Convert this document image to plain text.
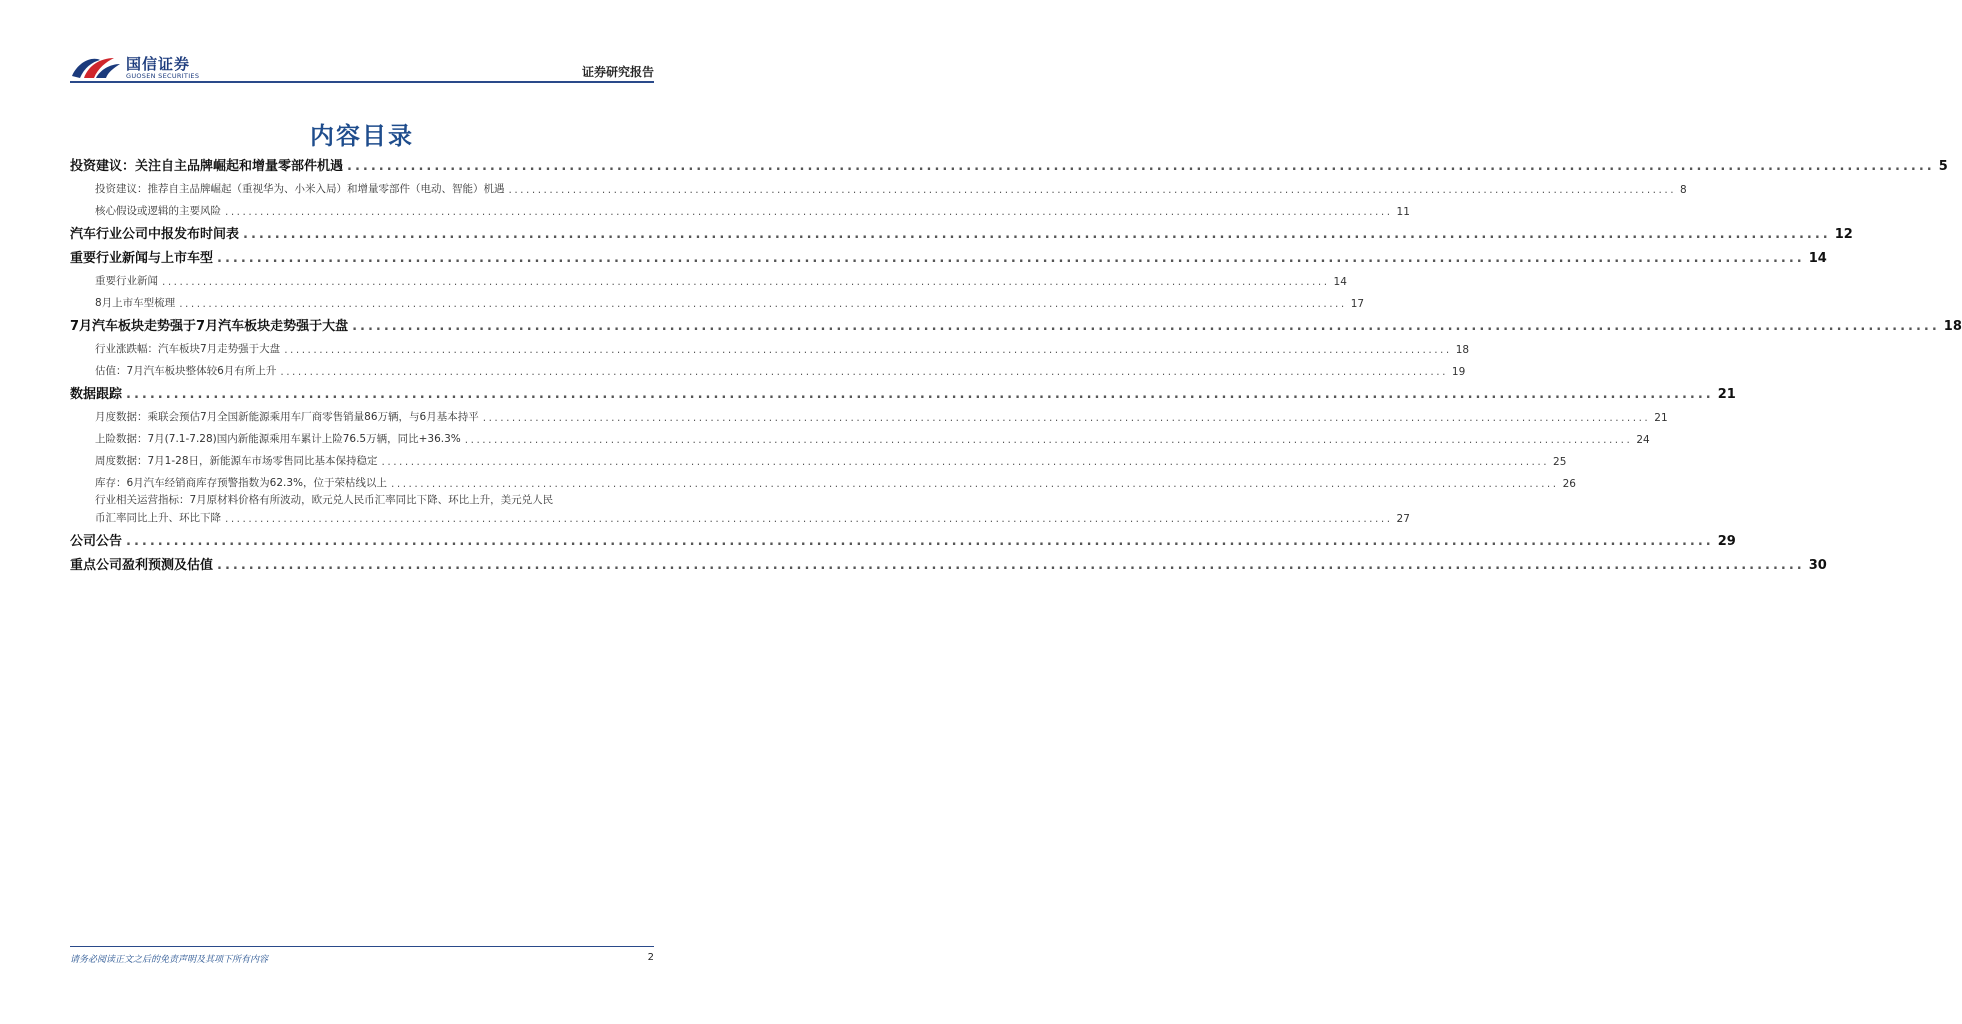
国信证券
GUOSEN SECURITIES	证券研究报告
内容目录
投资建议：关注自主品牌崛起和增量零部件机遇 ........................................................................................................................................................................................................ 5
投资建议：推荐自主品牌崛起（重视华为、小米入局）和增量零部件（电动、智能）机遇 ........................................................................................................................................................................................................ 8
核心假设或逻辑的主要风险 ........................................................................................................................................................................................................ 11
汽车行业公司中报发布时间表 ........................................................................................................................................................................................................ 12
重要行业新闻与上市车型 ........................................................................................................................................................................................................ 14
重要行业新闻 ........................................................................................................................................................................................................ 14
8月上市车型梳理 ........................................................................................................................................................................................................ 17
7月汽车板块走势强于7月汽车板块走势强于大盘 ........................................................................................................................................................................................................ 18
行业涨跌幅：汽车板块7月走势强于大盘 ........................................................................................................................................................................................................ 18
估值：7月汽车板块整体较6月有所上升 ........................................................................................................................................................................................................ 19
数据跟踪 ........................................................................................................................................................................................................ 21
月度数据：乘联会预估7月全国新能源乘用车厂商零售销量86万辆，与6月基本持平 ........................................................................................................................................................................................................ 21
上险数据：7月(7.1-7.28)国内新能源乘用车累计上险76.5万辆，同比+36.3% ........................................................................................................................................................................................................ 24
周度数据：7月1-28日，新能源车市场零售同比基本保持稳定 ........................................................................................................................................................................................................ 25
库存：6月汽车经销商库存预警指数为62.3%，位于荣枯线以上 ........................................................................................................................................................................................................ 26
行业相关运营指标：7月原材料价格有所波动，欧元兑人民币汇率同比下降、环比上升，美元兑人民
币汇率同比上升、环比下降 ........................................................................................................................................................................................................ 27
公司公告 ........................................................................................................................................................................................................ 29
重点公司盈利预测及估值 ........................................................................................................................................................................................................ 30
请务必阅读正文之后的免责声明及其项下所有内容	2
